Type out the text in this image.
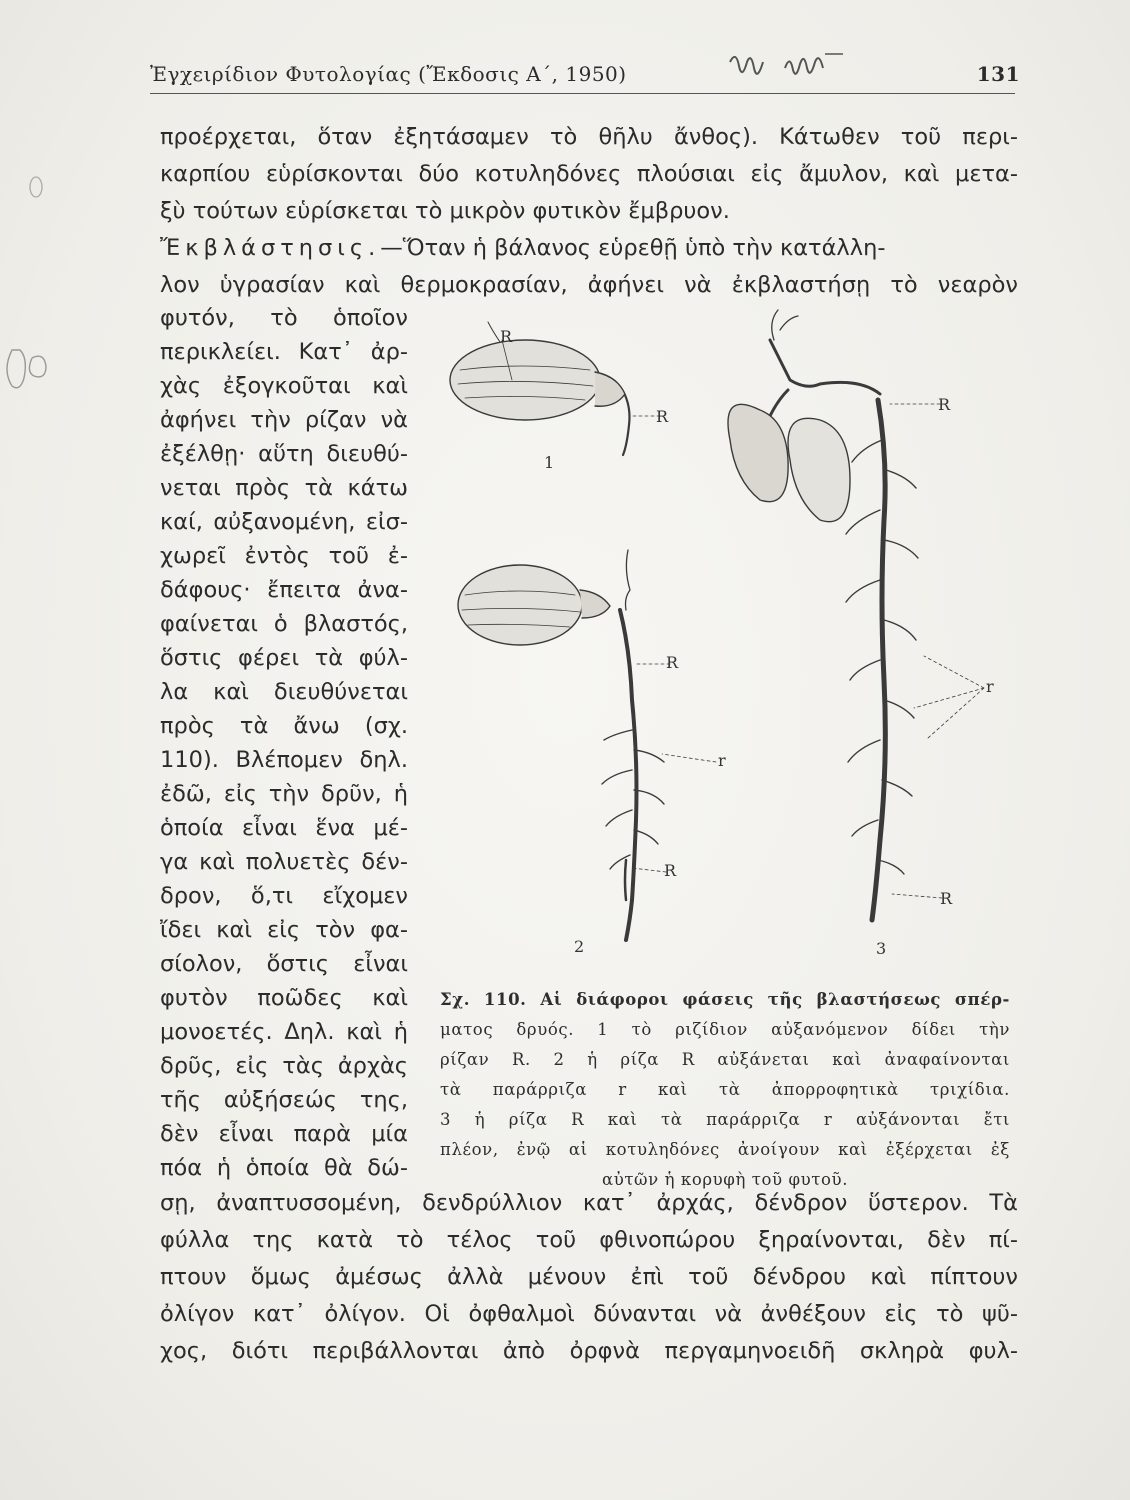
Ἐγχειρίδιον Φυτολογίας (Ἔκδοσις Α΄, 1950)	131
προέρχεται, ὅταν ἐξητάσαμεν τὸ θῆλυ ἄνθος). Κάτωθεν τοῦ περι-
καρπίου εὑρίσκονται δύο κοτυληδόνες πλούσιαι εἰς ἄμυλον, καὶ μετα-
ξὺ τούτων εὑρίσκεται τὸ μικρὸν φυτικὸν ἔμβρυον.
Ἔκβλάστησις.—Ὅταν ἡ βάλανος εὑρεθῇ ὑπὸ τὴν κατάλλη-
λον ὑγρασίαν καὶ θερμοκρασίαν, ἀφήνει νὰ ἐκβλαστήσῃ τὸ νεαρὸν
φυτόν, τὸ ὁποῖον
περικλείει. Κατ᾽ ἀρ-
χὰς ἐξογκοῦται καὶ
ἀφήνει τὴν ρίζαν νὰ
ἐξέλθῃ· αὕτη διευθύ-
νεται πρὸς τὰ κάτω
καί, αὐξανομένη, εἰσ-
χωρεῖ ἐντὸς τοῦ ἐ-
δάφους· ἔπειτα ἀνα-
φαίνεται ὁ βλαστός,
ὅστις φέρει τὰ φύλ-
λα καὶ διευθύνεται
πρὸς τὰ ἄνω (σχ.
110). Βλέπομεν δηλ.
ἐδῶ, εἰς τὴν δρῦν, ἡ
ὁποία εἶναι ἕνα μέ-
γα καὶ πολυετὲς δέν-
δρον, ὅ,τι εἴχομεν
ἴδει καὶ εἰς τὸν φα-
σίολον, ὅστις εἶναι
φυτὸν ποῶδες καὶ
μονοετές. Δηλ. καὶ ἡ
δρῦς, εἰς τὰς ἀρχὰς
τῆς αὐξήσεώς της,
δὲν εἶναι παρὰ μία
πόα ἡ ὁποία θὰ δώ-
σῃ, ἀναπτυσσομένη, δενδρύλλιον κατ᾽ ἀρχάς, δένδρον ὕστερον. Τὰ
φύλλα της κατὰ τὸ τέλος τοῦ φθινοπώρου ξηραίνονται, δὲν πί-
πτουν ὅμως ἀμέσως ἀλλὰ μένουν ἐπὶ τοῦ δένδρου καὶ πίπτουν
ὀλίγον κατ᾽ ὀλίγον. Οἱ ὀφθαλμοὶ δύνανται νὰ ἀνθέξουν εἰς τὸ ψῦ-
χος, διότι περιβάλλονται ἀπὸ ὀρφνὰ περγαμηνοειδῆ σκληρὰ φυλ-
R
R
R
r
R
R
r
R
1
2	3
Σχ. 110. Αἱ διάφοροι φάσεις τῆς βλαστήσεως σπέρ-
ματος δρυός. 1 τὸ ριζίδιον αὐξανόμενον δίδει τὴν
ρίζαν R. 2 ἡ ρίζα R αὐξάνεται καὶ ἀναφαίνονται
τὰ παράρριζα r καὶ τὰ ἀπορροφητικὰ τριχίδια.
3 ἡ ρίζα R καὶ τὰ παράρριζα r αὐξάνονται ἔτι
πλέον, ἐνῷ αἱ κοτυληδόνες ἀνοίγουν καὶ ἐξέρχεται ἐξ
αὐτῶν ἡ κορυφὴ τοῦ φυτοῦ.
